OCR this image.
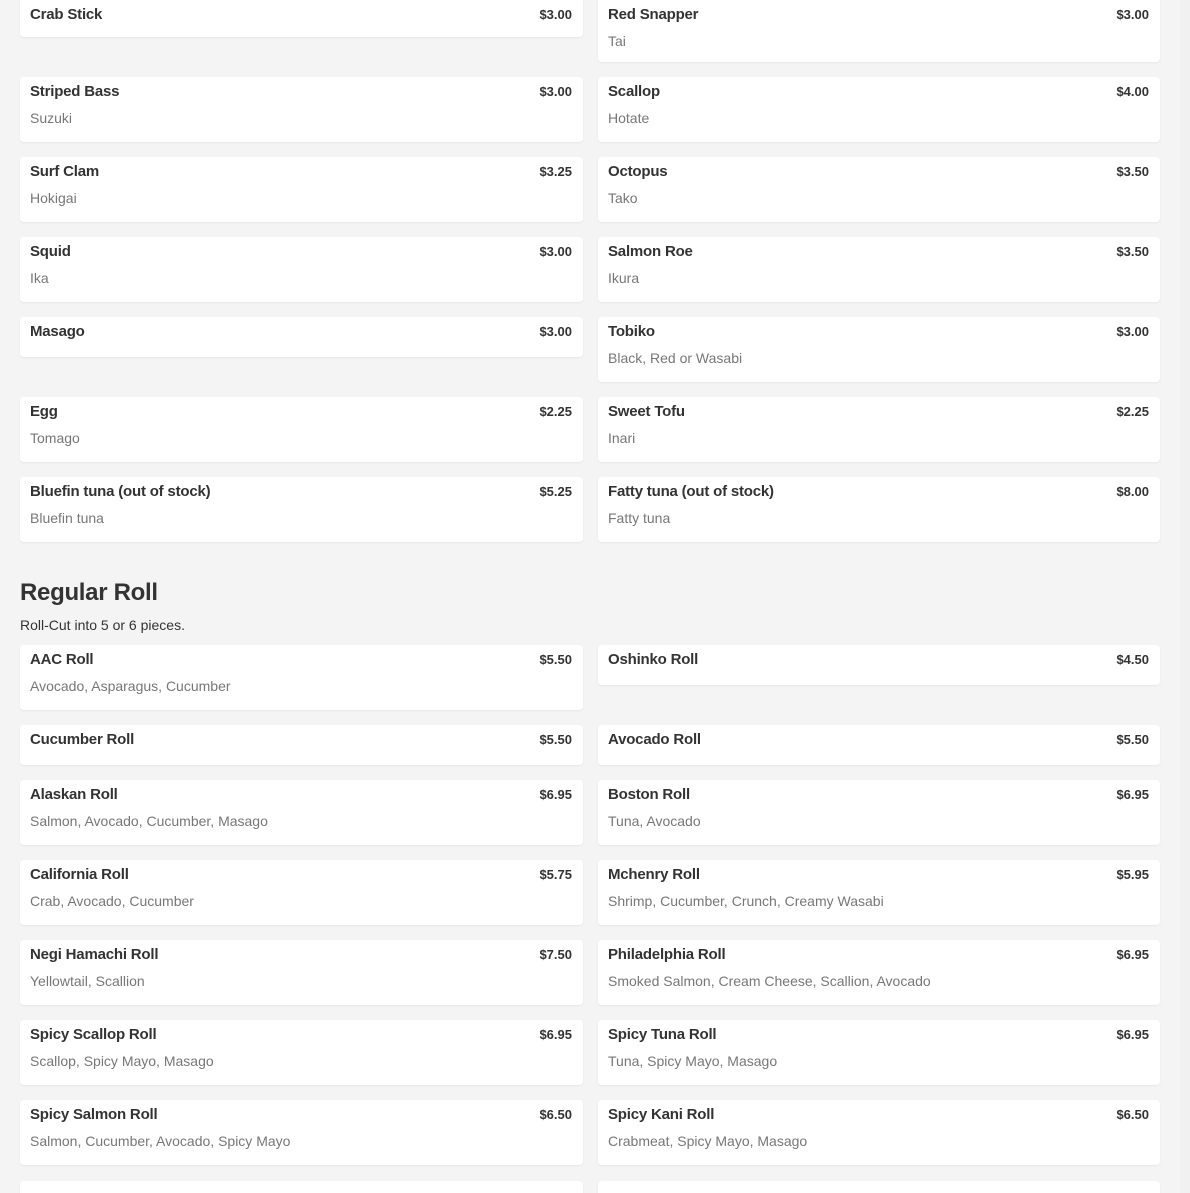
Crab Stick	$3.00 Red Snapper	$3.00
Tai
Striped Bass	$3.00
Suzuki
Scallop	$4.00
Hotate
Surf Clam	$3.25
Hokigai
Octopus	$3.50
Tako
Squid	$3.00
Ika
Salmon Roe	$3.50
Ikura
Masago	$3.00 Tobiko	$3.00
Black, Red or Wasabi
Egg	$2.25
Tomago
Sweet Tofu	$2.25
Inari
Bluefin tuna (out of stock)	$5.25
Bluefin tuna
Fatty tuna (out of stock)	$8.00
Fatty tuna
Regular Roll
Roll-Cut into 5 or 6 pieces.
AAC Roll	$5.50
Avocado, Asparagus, Cucumber
Oshinko Roll	$4.50
Cucumber Roll	$5.50 Avocado Roll	$5.50
Alaskan Roll	$6.95
Salmon, Avocado, Cucumber, Masago
Boston Roll	$6.95
Tuna, Avocado
California Roll	$5.75
Crab, Avocado, Cucumber
Mchenry Roll	$5.95
Shrimp, Cucumber, Crunch, Creamy Wasabi
Negi Hamachi Roll	$7.50
Yellowtail, Scallion
Philadelphia Roll	$6.95
Smoked Salmon, Cream Cheese, Scallion, Avocado
Spicy Scallop Roll	$6.95
Scallop, Spicy Mayo, Masago
Spicy Tuna Roll	$6.95
Tuna, Spicy Mayo, Masago
Spicy Salmon Roll	$6.50
Salmon, Cucumber, Avocado, Spicy Mayo
Spicy Kani Roll	$6.50
Crabmeat, Spicy Mayo, Masago
